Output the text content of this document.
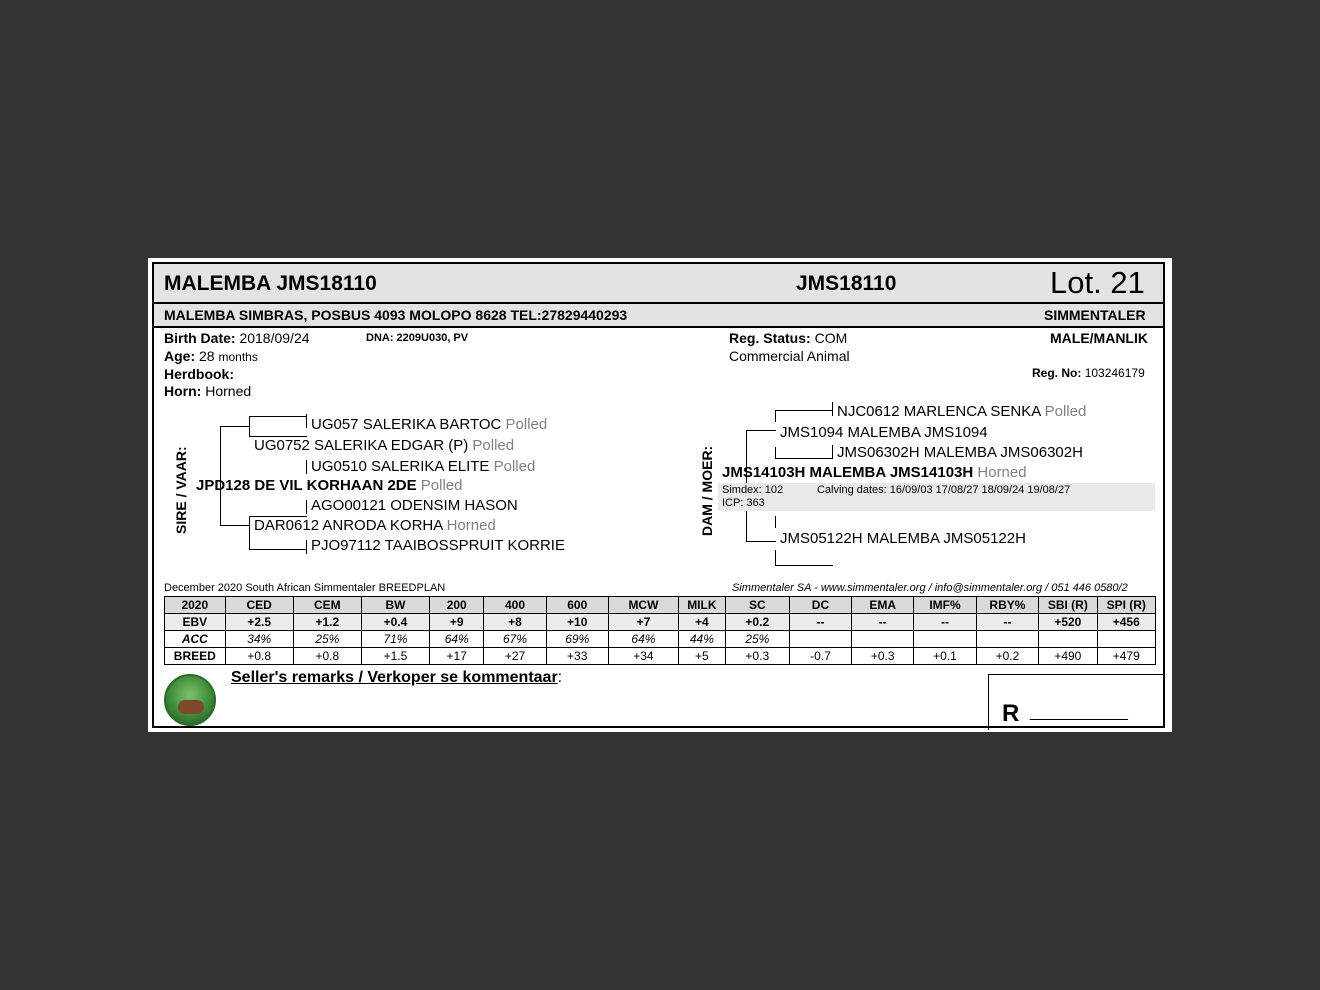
MALEMBA JMS18110	JMS18110	Lot. 21
MALEMBA SIMBRAS, POSBUS 4093 MOLOPO 8628 TEL:27829440293	SIMMENTALER
Birth Date: 2018/09/24	DNA: 2209U030, PV
Age: 28 months
Herdbook:
Horn: Horned
Reg. Status: COM
Commercial Animal
MALE/MANLIK
Reg. No: 103246179
SIRE / VAAR:
UG057 SALERIKA BARTOC Polled
UG0752 SALERIKA EDGAR (P) Polled
UG0510 SALERIKA ELITE Polled
JPD128 DE VIL KORHAAN 2DE Polled
AGO00121 ODENSIM HASON
DAR0612 ANRODA KORHA Horned
PJO97112 TAAIBOSSPRUIT KORRIE
DAM / MOER:
NJC0612 MARLENCA SENKA Polled
JMS1094 MALEMBA JMS1094
JMS06302H MALEMBA JMS06302H
JMS14103H MALEMBA JMS14103H Horned
Simdex: 102	Calving dates: 16/09/03 17/08/27 18/09/24 19/08/27
ICP: 363
JMS05122H MALEMBA JMS05122H
December 2020 South African Simmentaler BREEDPLAN	Simmentaler SA - www.simmentaler.org / info@simmentaler.org / 051 446 0580/2
2020	CED	CEM	BW	200	400	600	MCW	MILK	SC	DC	EMA	IMF%	RBY%	SBI (R)	SPI (R)
EBV	+2.5	+1.2	+0.4	+9	+8	+10	+7	+4	+0.2	--	--	--	--	+520	+456
ACC	34%	25%	71%	64%	67%	69%	64%	44%	25%						
BREED	+0.8	+0.8	+1.5	+17	+27	+33	+34	+5	+0.3	-0.7	+0.3	+0.1	+0.2	+490	+479
Seller's remarks / Verkoper se kommentaar:
R ___________
